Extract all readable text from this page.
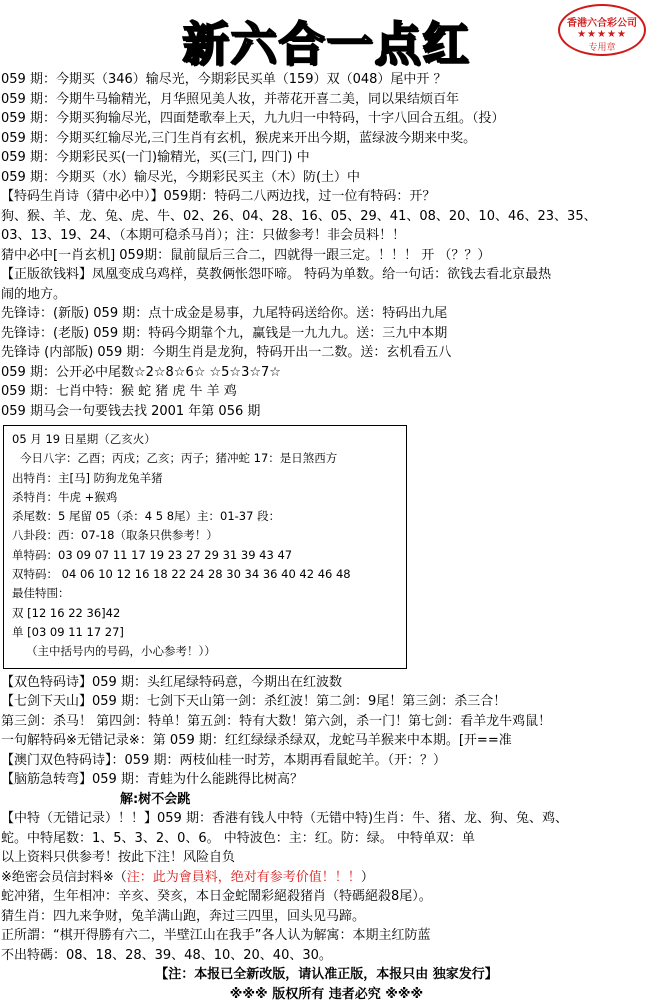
新六合一点红	香港六合彩公司
★★★★★
专用章
059 期：今期买（346）输尽光，今期彩民买单（159）双（048）尾中开 ？
059 期：今期牛马输精光，月华照见美人妆，并蒂花开喜二美，同以果结烦百年
059 期：今期买狗输尽光，四面楚歌奉上天，九九归一中特码，十字八回合五组。（投）
059 期：今期买红输尽光,三门生肖有玄机，猴虎来开出今期，蓝绿波今期来中奖。
059 期：今期彩民买(一门)输精光，买(三门, 四门) 中
059 期：今期买（水）输尽光，今期彩民买主（木）防(土）中
【特码生肖诗（猜中必中）】059期：特码二八两边找，过一位有特码：开？
狗、猴、羊、龙、兔、虎、牛、02、26、04、28、16、05、29、41、08、20、10、46、23、35、
03、13、19、24、（本期可稳杀马肖）；注：只做参考！非会员料！！
猜中必中[一肖玄机] 059期：鼠前鼠后三合二，四就得一跟三定。！！！ 开 （？？）
【正版欲钱料】凤凰变成乌鸡样，莫教俩怅怨吓啼。 特码为单数。给一句话：欲钱去看北京最热
闹的地方。
先锋诗：(新版) 059 期：点十成金是易事，九尾特码送给你。送：特码出九尾
先锋诗：(老版) 059 期：特码今期靠个九，赢钱是一九九九。送：三九中本期
先锋诗 (内部版) 059 期：今期生肖是龙狗，特码开出一二数。送：玄机看五八
059 期：公开必中尾数☆2☆8☆6☆ ☆5☆3☆7☆
059 期：七肖中特：猴 蛇 猪 虎 牛 羊 鸡
059 期马会一句要钱去找 2001 年第 056 期
05 月 19 日星期（乙亥火）
今日八字：乙酉；丙戌；乙亥；丙子；猪冲蛇 17：是日煞西方
出特肖：主[马] 防狗龙兔羊猪
杀特肖：牛虎 +猴鸡
杀尾数：5 尾留 05（杀：4 5 8尾）主：01-37 段：
八卦段：西：07-18（取条只供参考！）
单特码：03 09 07 11 17 19 23 27 29 31 39 43 47
双特码： 04 06 10 12 16 18 22 24 28 30 34 36 40 42 46 48
最佳特围：
双 [12 16 22 36]42
单 [03 09 11 17 27]
（主中括号内的号码，小心参考！））
【双色特码诗】059 期：头红尾绿特码意，今期出在红波数
【七剑下天山】059 期：七剑下天山第一剑：杀红波！第二剑：9尾！第三剑：杀三合！
第三剑：杀马！ 第四剑：特单！第五剑：特有大数！第六剑，杀一门！第七剑：看羊龙牛鸡鼠！
一句解特码※无错记录※：第 059 期：红红绿绿杀绿双，龙蛇马羊猴来中本期。[开==准
【澳门双色特码诗】：059 期：两枝仙桂一时芳，本期再看鼠蛇羊。（开：？）
【脑筋急转弯】059 期：青蛙为什么能跳得比树高？
解:树不会跳
【中特（无错记录）！！】059 期：香港有钱人中特（无错中特)生肖：牛、猪、龙、狗、兔、鸡、
蛇。中特尾数：1、5、3、2、0、6。 中特波色：主：红。防：绿。 中特单双：单
以上资料只供参考！按此下注！风险自负
※绝密会员信封料※（注：此为會員料，绝对有参考价值！！！）
蛇冲猪，生年相冲：辛亥、癸亥，本日金蛇鬧彩絕殺猪肖（特碼絕殺8尾）。
猜生肖：四九来争财，兔羊满山跑，奔过三四里，回头见马蹄。
正所謂：“棋开得勝有六二，半壁江山在我手”各人认为解寓：本期主红防蓝
不出特碼：08、18、28、39、48、10、20、40、30。
【注：本报已全新改版，请认准正版，本报只由 独家发行】
※※※ 版权所有 违者必究 ※※※
